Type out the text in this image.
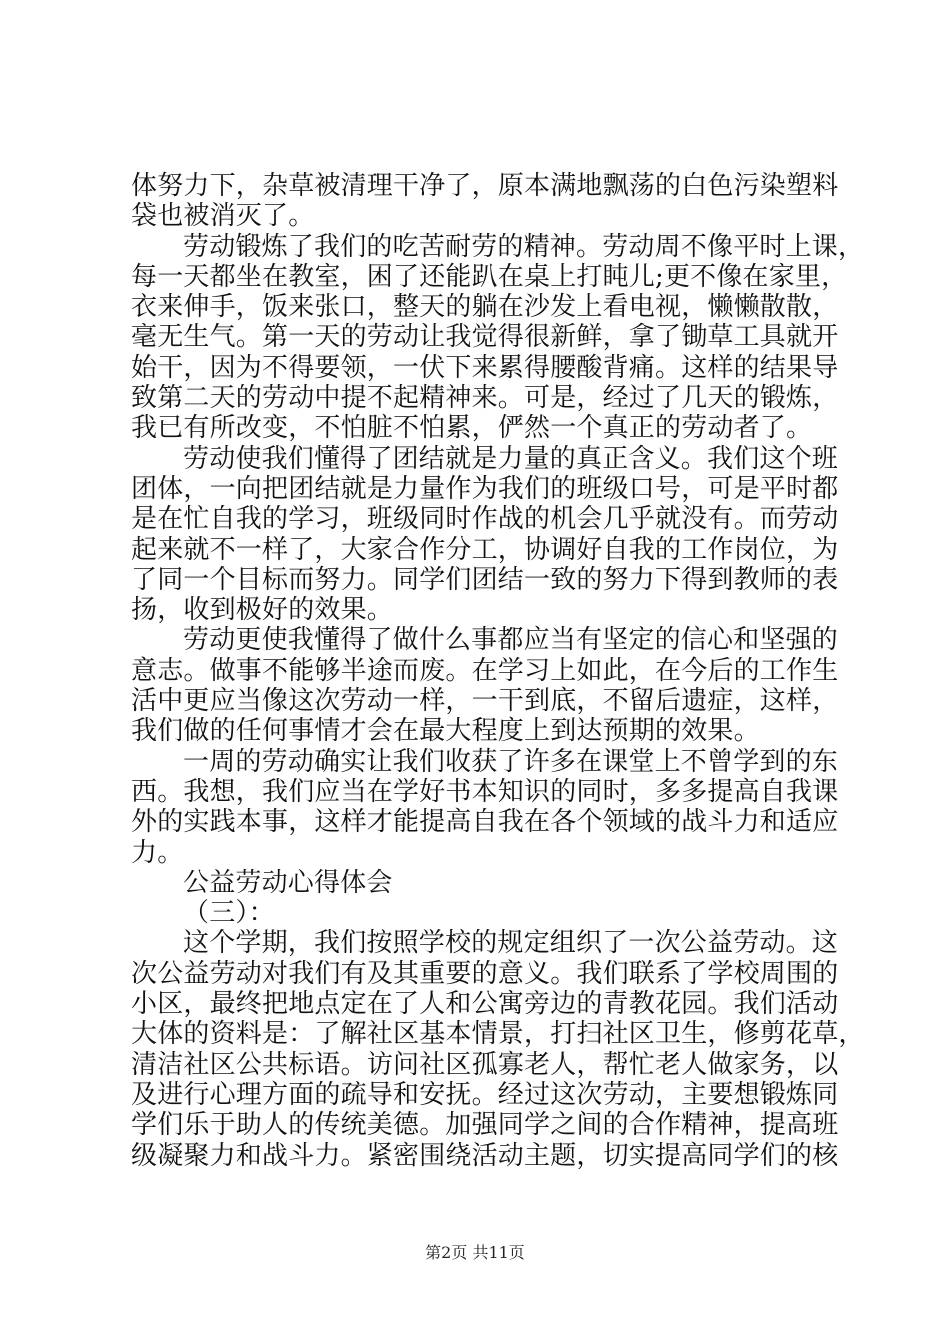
体努力下，杂草被清理干净了，原本满地飘荡的白色污染塑料
袋也被消灭了。
劳动锻炼了我们的吃苦耐劳的精神。劳动周不像平时上课，
每一天都坐在教室，困了还能趴在桌上打盹儿;更不像在家里，
衣来伸手，饭来张口，整天的躺在沙发上看电视，懒懒散散，
毫无生气。第一天的劳动让我觉得很新鲜，拿了锄草工具就开
始干，因为不得要领，一伏下来累得腰酸背痛。这样的结果导
致第二天的劳动中提不起精神来。可是，经过了几天的锻炼，
我已有所改变，不怕脏不怕累，俨然一个真正的劳动者了。
劳动使我们懂得了团结就是力量的真正含义。我们这个班
团体，一向把团结就是力量作为我们的班级口号，可是平时都
是在忙自我的学习，班级同时作战的机会几乎就没有。而劳动
起来就不一样了，大家合作分工，协调好自我的工作岗位，为
了同一个目标而努力。同学们团结一致的努力下得到教师的表
扬，收到极好的效果。
劳动更使我懂得了做什么事都应当有坚定的信心和坚强的
意志。做事不能够半途而废。在学习上如此，在今后的工作生
活中更应当像这次劳动一样，一干到底，不留后遗症，这样，
我们做的任何事情才会在最大程度上到达预期的效果。
一周的劳动确实让我们收获了许多在课堂上不曾学到的东
西。我想，我们应当在学好书本知识的同时，多多提高自我课
外的实践本事，这样才能提高自我在各个领域的战斗力和适应
力。
公益劳动心得体会
（三）：
这个学期，我们按照学校的规定组织了一次公益劳动。这
次公益劳动对我们有及其重要的意义。我们联系了学校周围的
小区，最终把地点定在了人和公寓旁边的青教花园。我们活动
大体的资料是：了解社区基本情景，打扫社区卫生，修剪花草，
清洁社区公共标语。访问社区孤寡老人，帮忙老人做家务，以
及进行心理方面的疏导和安抚。经过这次劳动，主要想锻炼同
学们乐于助人的传统美德。加强同学之间的合作精神，提高班
级凝聚力和战斗力。紧密围绕活动主题，切实提高同学们的核
第2页 共11页
